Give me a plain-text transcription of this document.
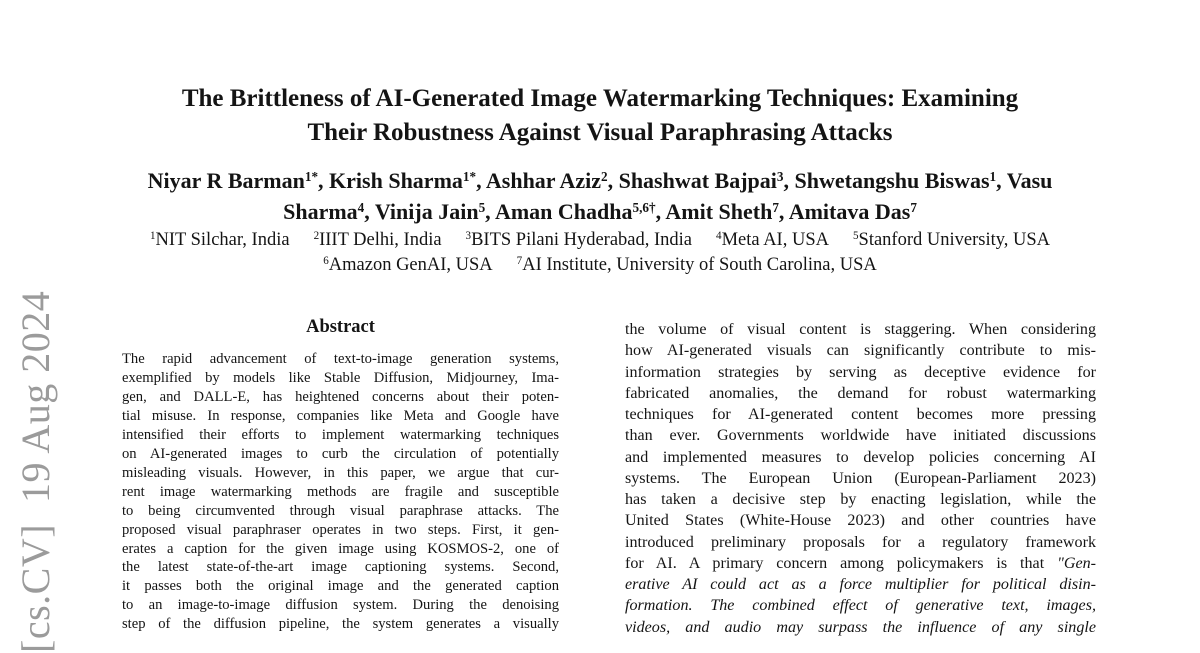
[cs.CV]  19 Aug 2024
The Brittleness of AI-Generated Image Watermarking Techniques: Examining
Their Robustness Against Visual Paraphrasing Attacks
Niyar R Barman$^{1*}$, Krish Sharma$^{1*}$, Ashhar Aziz$^2$, Shashwat Bajpai$^3$, Shwetangshu Biswas$^1$, Vasu
Sharma$^4$, Vinija Jain$^5$, Aman Chadha$^{5,6\dagger}$, Amit Sheth$^7$, Amitava Das$^7$
$^1$NIT Silchar, India $^2$IIIT Delhi, India $^3$BITS Pilani Hyderabad, India $^4$Meta AI, USA $^5$Stanford University, USA
$^6$Amazon GenAI, USA $^7$AI Institute, University of South Carolina, USA
Abstract
The rapid advancement of text-to-image generation systems,
exemplified by models like Stable Diffusion, Midjourney, Ima-
gen, and DALL-E, has heightened concerns about their poten-
tial misuse. In response, companies like Meta and Google have
intensified their efforts to implement watermarking techniques
on AI-generated images to curb the circulation of potentially
misleading visuals. However, in this paper, we argue that cur-
rent image watermarking methods are fragile and susceptible
to being circumvented through visual paraphrase attacks. The
proposed visual paraphraser operates in two steps. First, it gen-
erates a caption for the given image using KOSMOS-2, one of
the latest state-of-the-art image captioning systems. Second,
it passes both the original image and the generated caption
to an image-to-image diffusion system. During the denoising
step of the diffusion pipeline, the system generates a visually
the volume of visual content is staggering. When considering
how AI-generated visuals can significantly contribute to mis-
information strategies by serving as deceptive evidence for
fabricated anomalies, the demand for robust watermarking
techniques for AI-generated content becomes more pressing
than ever. Governments worldwide have initiated discussions
and implemented measures to develop policies concerning AI
systems. The European Union (European-Parliament 2023)
has taken a decisive step by enacting legislation, while the
United States (White-House 2023) and other countries have
introduced preliminary proposals for a regulatory framework
for AI. A primary concern among policymakers is that "Gen-
erative AI could act as a force multiplier for political disin-
formation. The combined effect of generative text, images,
videos, and audio may surpass the influence of any single
